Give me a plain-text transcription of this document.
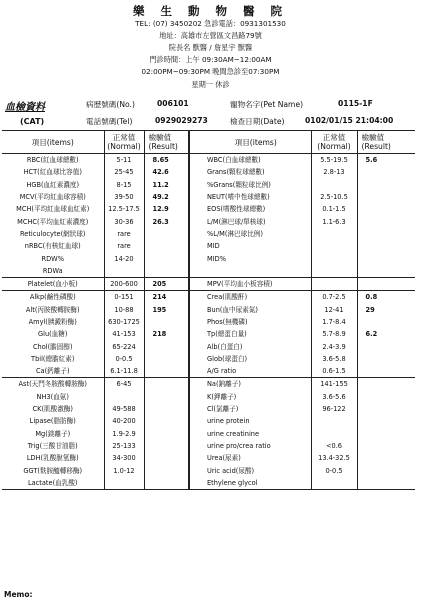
樂 生 動 物 醫 院
TEL: (07) 3450202 急診電話：0931301530
地址：高雄市左營區文昌路79號
院長名 獸醫 / 詹星宇 獸醫
門診時間：上午 09:30AM~12:00AM
02:00PM~09:30PM 晚間急診至07:30PM
星期一 休診
血檢資料
(CAT)
病歷號碼(No.)	006101	寵物名字(Pet Name)	0115-1F
電話號碼(Tel)	0929029273	檢查日期(Date)	0102/01/15 21:04:00
項目(items)	正常值 (Normal)	檢驗值 (Result)		項目(items)	正常值 (Normal)	檢驗值 (Result)
RBC(紅血球總數)	5-11	8.65		WBC(白血球總數)	5.5-19.5	5.6
HCT(紅血球比容值)	25-45	42.6		Grans(顆粒球總數)	2.8-13	
HGB(血紅素濃度)	8-15	11.2		%Grans(顆粒球比例)		
MCV(平均紅血球容積)	39-50	49.2		NEUT(嗜中性球總數)	2.5-10.5	
MCH(平均紅血球血紅素)	12.5-17.5	12.9		EOS(嗜酸性球總數)	0.1-1.5	
MCHC(平均血紅素濃度)	30-36	26.3		L/M(淋巴球/單核球)	1.1-6.3	
Reticulocyte(網狀球)	rare			%L/M(淋巴球比例)		
nRBC(有核紅血球)	rare			MID		
RDW%	14-20			MID%		
RDWa						
Platelet(血小板)	200-600	205		MPV(平均血小板容積)		
Alkp(鹼性磷酸)	0-151	214		Crea(肌酸酐)	0.7-2.5	0.8
Alt(丙胺酸轉胺酶)	10-88	195		Bun(血中尿素氮)	12-41	29
Amyl(胰澱粉酶)	630-1725			Phos(無機磷)	1.7-8.4	
Glu(血糖)	41-153	218		Tp(總蛋白量)	5.7-8.9	6.2
Chol(膽固醇)	65-224			Alb(白蛋白)	2.4-3.9	
Tbil(總膽紅素)	0-0.5			Glob(球蛋白)	3.6-5.8	
Ca(鈣離子)	6.1-11.8			A/G ratio	0.6-1.5	
Ast(天門冬胺酸轉胺酶)	6-45			Na(鈉離子)	141-155	
NH3(血氨)				K(鉀離子)	3.6-5.6	
CK(肌酸激酶)	49-588			Cl(氯離子)	96-122	
Lipase(脂肪酶)	40-200			urine protein		
Mg(鎂離子)	1.9-2.9			urine creatinine		
Trig(三酸甘油脂)	25-133			urine pro/crea ratio	<0.6	
LDH(乳酸脫氫酶)	34-300			Urea(尿素)	13.4-32.5	
GGT(麩胺醯轉移酶)	1.0-12			Uric acid(尿酸)	0-0.5	
Lactate(血乳酸)				Ethylene glycol		
Memo:
